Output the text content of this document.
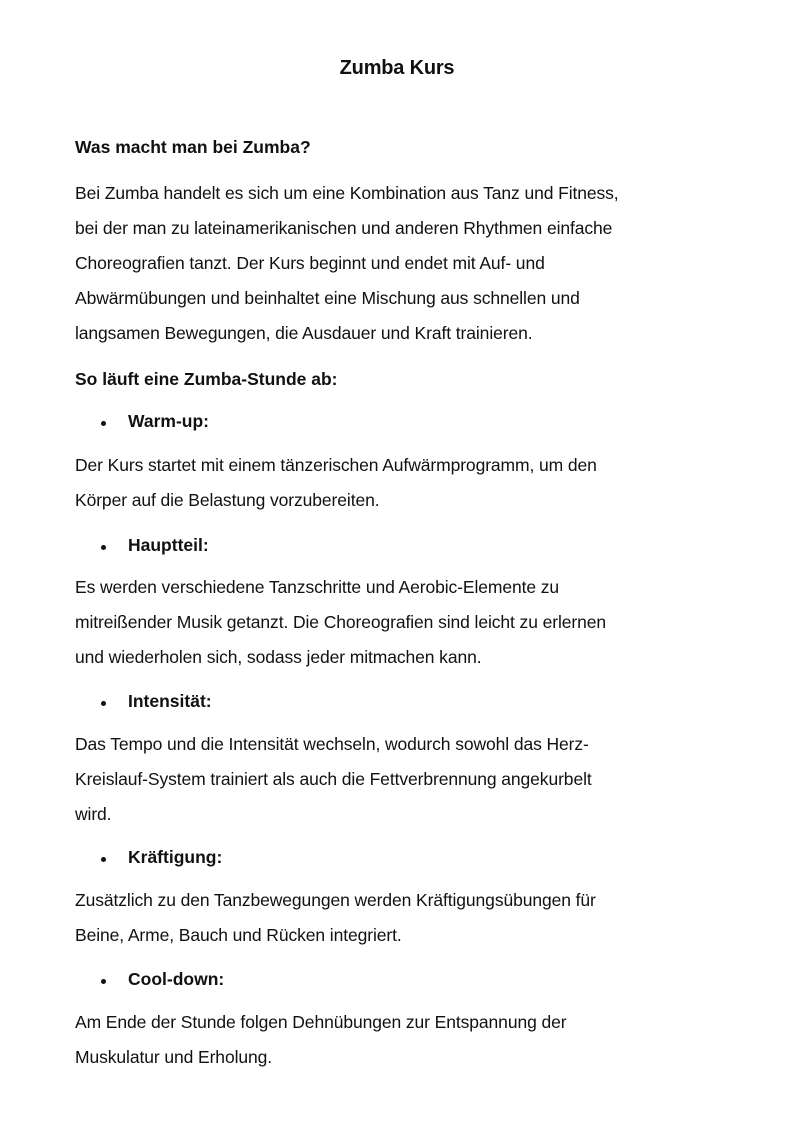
Zumba Kurs
Was macht man bei Zumba?
Bei Zumba handelt es sich um eine Kombination aus Tanz und Fitness,
bei der man zu lateinamerikanischen und anderen Rhythmen einfache
Choreografien tanzt. Der Kurs beginnt und endet mit Auf- und
Abwärmübungen und beinhaltet eine Mischung aus schnellen und
langsamen Bewegungen, die Ausdauer und Kraft trainieren.
So läuft eine Zumba-Stunde ab:
Warm-up:
Der Kurs startet mit einem tänzerischen Aufwärmprogramm, um den
Körper auf die Belastung vorzubereiten.
Hauptteil:
Es werden verschiedene Tanzschritte und Aerobic-Elemente zu
mitreißender Musik getanzt. Die Choreografien sind leicht zu erlernen
und wiederholen sich, sodass jeder mitmachen kann.
Intensität:
Das Tempo und die Intensität wechseln, wodurch sowohl das Herz-
Kreislauf-System trainiert als auch die Fettverbrennung angekurbelt
wird.
Kräftigung:
Zusätzlich zu den Tanzbewegungen werden Kräftigungsübungen für
Beine, Arme, Bauch und Rücken integriert.
Cool-down:
Am Ende der Stunde folgen Dehnübungen zur Entspannung der
Muskulatur und Erholung.
